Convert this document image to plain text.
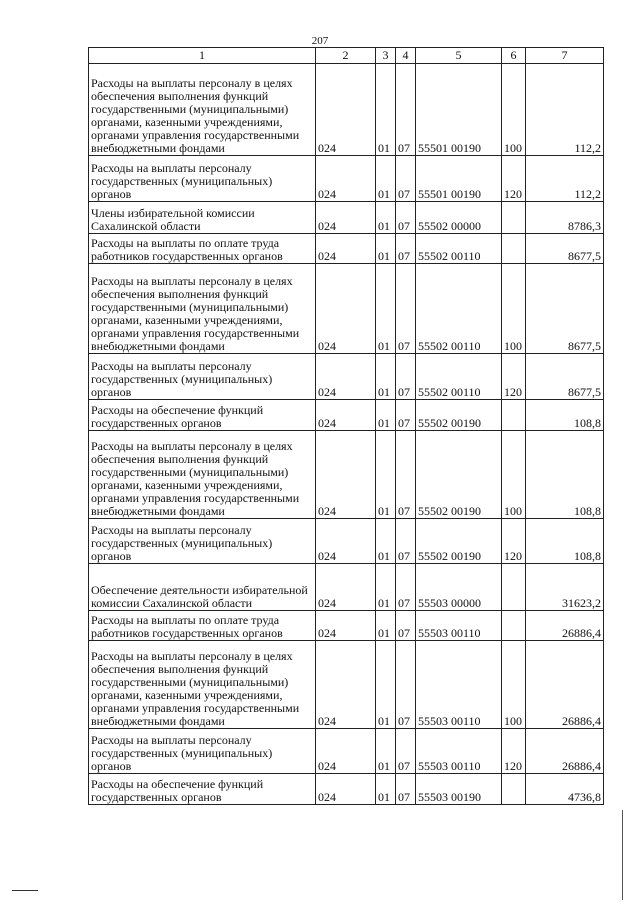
207
1	2	3	4	5	6	7
Расходы на выплаты персоналу в целях обеспечения выполнения функций государственными (муниципальными) органами, казенными учреждениями, органами управления государственными внебюджетными фондами	024	01	07	55501 00190	100	112,2
Расходы на выплаты персоналу государственных (муниципальных) органов	024	01	07	55501 00190	120	112,2
Члены избирательной комиссии Сахалинской области	024	01	07	55502 00000		8786,3
Расходы на выплаты по оплате труда работников государственных органов	024	01	07	55502 00110		8677,5
Расходы на выплаты персоналу в целях обеспечения выполнения функций государственными (муниципальными) органами, казенными учреждениями, органами управления государственными внебюджетными фондами	024	01	07	55502 00110	100	8677,5
Расходы на выплаты персоналу государственных (муниципальных) органов	024	01	07	55502 00110	120	8677,5
Расходы на обеспечение функций государственных органов	024	01	07	55502 00190		108,8
Расходы на выплаты персоналу в целях обеспечения выполнения функций государственными (муниципальными) органами, казенными учреждениями, органами управления государственными внебюджетными фондами	024	01	07	55502 00190	100	108,8
Расходы на выплаты персоналу государственных (муниципальных) органов	024	01	07	55502 00190	120	108,8
Обеспечение деятельности избирательной комиссии Сахалинской области	024	01	07	55503 00000		31623,2
Расходы на выплаты по оплате труда работников государственных органов	024	01	07	55503 00110		26886,4
Расходы на выплаты персоналу в целях обеспечения выполнения функций государственными (муниципальными) органами, казенными учреждениями, органами управления государственными внебюджетными фондами	024	01	07	55503 00110	100	26886,4
Расходы на выплаты персоналу государственных (муниципальных) органов	024	01	07	55503 00110	120	26886,4
Расходы на обеспечение функций государственных органов	024	01	07	55503 00190		4736,8
